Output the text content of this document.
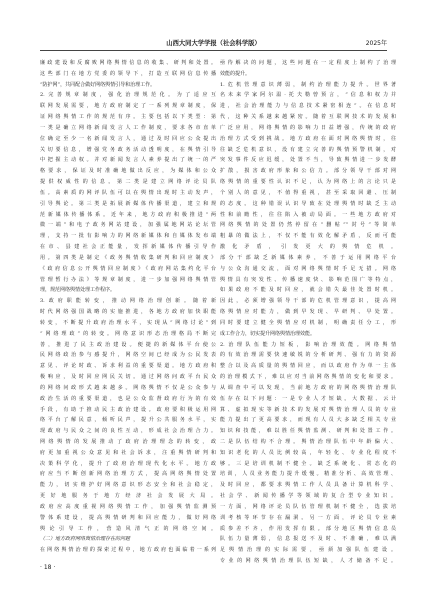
山西大同大学学报（社会科学版）	2025年
廉政建设和反腐败网络舆情信息的收集、研判和处置。
这些部门在地方党委的领导下，打造互联网信息传播
“防护网”，共同配合做好网络舆情引导和治理工作。
2.完善规章制度，强化治理规范化。为了适应互
联网发展需要，地方政府制定了一系列规章制度，保
证网络舆情工作的规范有序。主要包括以下类型：第
一类是确立网络新闻发言人工作制度，要求各市直单
位确定至少一名新闻发言人，通过及时回应公众提出
关切要信息，增强党务政务活动透明度，在舆情引导
中把握主动权。并对新闻发言人素养提出了统一的严
格要求，保证及时准确地做出反应，为媒体和公众
提供权威性的信息。第二类是建立网络评论员队
伍。高素质的网评队伍可以在舆情出现时主动发声，
引导舆论。第三类是拓展新媒体传播渠道，建立和规
范新媒体传播体系。近年来，地方政府积极推进“两
微一端”和电子政务网站建设，加强属地网站论坛管
理，支持一批有影响力的网络新媒体和自媒体发布端
在市、县建社会正能量，发挥新媒体传播引导作
用。第四类是制定《政务舆情收集研判和回应制度》
《政府信息公开舆情回应制度》《政府网站集约化平台
管理暂行办法》等规章制度，进一步加强网络舆情管
理，规范网络舆情处理工作程序。
3.政府职能转变，推动网络治理创新。随着新
时代网络强国战略的实施推进，各地方政府加快职能
转变，不断提升政府治理水平，实现从“网络讨论”到
“网络理政”的转变。网络意识形态治理格局不断完
善，推进了民主政治建设。便捷的新媒体平台使公
民网络政治参与感提升，网络空间已经成为公民发表
意见、评论时政、诉求利益的重要渠道。地方政府积
极响应，及时回应网民关切。通过网络问政平台民众
的网络问政形式越来越多。网络舆情不仅是公众参与
政治生活的重要渠道，也是公众监督政府行为的有效
手段，有助于推动民主政治建设。政府要积极运用网
络平台了解民意，倾听民声，提升公共服务水平，实
现政府与民众之间的良性互动，形成社会治理合力。
网络舆情的发展推动了政府治理理念的转变，政
府更加重视公众意见和社会诉求，注重舆情研判和
决策科学化，提升了政府治理现代化水平。地方政
府应当不断创新网络治理方式，提高网络舆情处置
能力，切实维护好网络意识形态安全和社会稳定，
更好地服务于地方经济社会发展大局。
政府应高度重视网络舆情工作，加强舆情监测预
警体系建设，提高舆情研判和回应能力，做好网络
舆论引导工作，营造风清气正的网络空间。
（二）地方政府网络舆情治理存在的问题
在网络舆情治理的探索过程中，地方政府也面临着一系列
亟待解决的问题，这些问题在一定程度上制约了治理
效能的提升。
1.危机管理意识薄弱，制约治理能力提升。世界著
名未来学家阿尔温·托夫勒曾预言，“信息和权力并
进，社会治理能力与信息技术紧密相连”。在信息时
代，这种关系越来越紧密。随着互联网技术的发展和
广泛应用，网络舆情的影响力日益增强，传统的政府
治理方式受到挑战。地方政府在面对网络舆情时，往
往缺乏危机意识，没有建立完善的舆情预警机制，对
突发事件反应迟缓，处置不当，导致舆情进一步发酵
扩散，损害政府形象和公信力。部分领导干部对网
络舆情的重要性认识不足，认为网络上的言论只是
个别人的意见，不值得重视，甚至采取回避、压制
的态度。这种错误认识导致在处理舆情时缺乏主动
性和前瞻性，往往陷入被动局面。一些地方政府对
网络舆情的处置仍然停留在“删帖”“封号”等简单
粗暴的做法上，不仅不能有效化解矛盾，反而可能
激化矛盾，引发更大的舆情危机。
部分干部缺乏新媒体素养，不善于运用网络平台
与公众沟通交流，面对网络舆情时手足无措。网络
舆情具有突发性、传播速度快、影响范围广等特点，
如果政府不能及时回应，就会错失最佳处置时机。
因此，必须增强领导干部的危机管理意识，提高网
络舆情应对能力，做到早发现、早研判、早处置。
同时要建立健全舆情应对机制，明确责任分工，形
成工作合力，切实提升网络舆情治理效能。
2.治理队伍能力短板，影响治理效能。网络舆情
的有效治理需要快速敏锐的分析研判、强有力的资源
整合以及高质量的舆情回应，而以政府作为单一主体
的治理模式下，难以应对当前网络舆情的变化和要求。
从调查中可以发现，当前地方政府的网络舆情治理队
伍存在以下问题：一是专业人才短缺。大数据、云计
算、虚拟现实等新技术的发展对舆情治理人员的专业
能力提出了更高要求，而现有人员大多缺乏相关专业
知识和技能，难以胜任舆情监测、研判和处置工作。
二是队伍结构不合理。舆情治理队伍中年龄偏大、
知识老化的人员比例较高，年轻化、专业化程度不
够。三是培训机制不健全。缺乏系统化、常态化的
培训，人员业务能力提升缓慢。精准分析、高效管理、
及时回应，都要求舆情工作人员具备计算机科学、
社会学、新闻传播学等领域的复合型专业知识。
一方面，网络评论员队伍管理机制不健全，选拔培
训考核等环节存在漏洞。另一方面，评论员专业素
质参差不齐，作用发挥有限。部分地区舆情信息员
队伍力量薄弱，信息报送不及时、不准确，难以满
足舆情治理的实际需要，亟须加强队伍建设。
专业的网络舆情治理队伍短缺，人才储备不足。
· 18 ·
